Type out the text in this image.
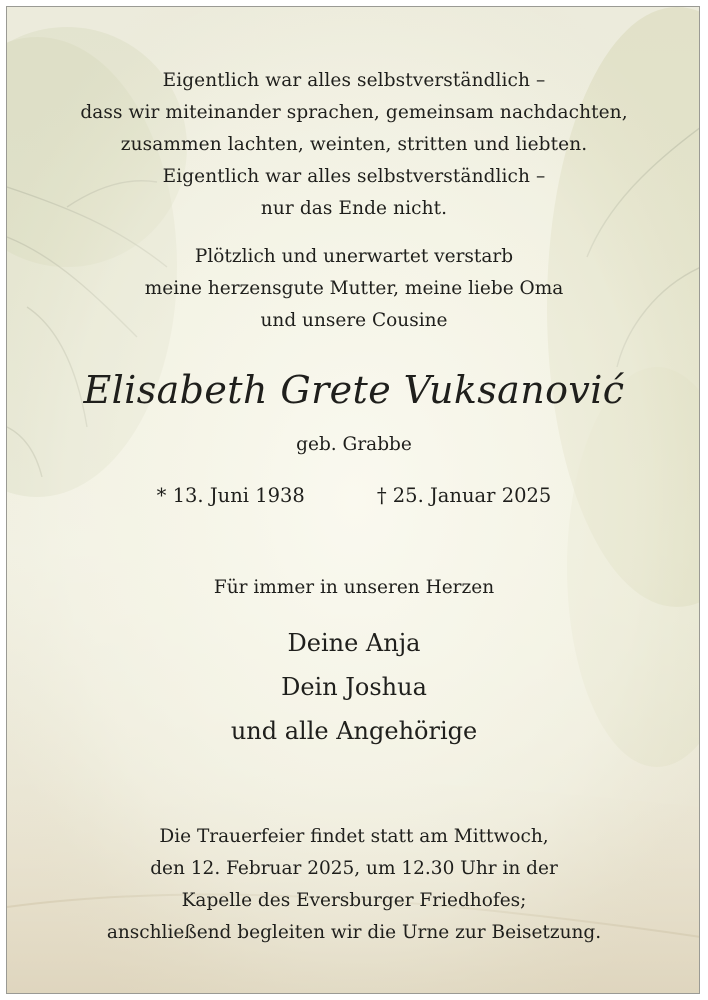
Eigentlich war alles selbstverständlich –
dass wir miteinander sprachen, gemeinsam nachdachten,
zusammen lachten, weinten, stritten und liebten.
Eigentlich war alles selbstverständlich –
nur das Ende nicht.
Plötzlich und unerwartet verstarb
meine herzensgute Mutter, meine liebe Oma
und unsere Cousine
Elisabeth Grete Vuksanović
geb. Grabbe
* 13. Juni 1938	† 25. Januar 2025
Für immer in unseren Herzen
Deine Anja
Dein Joshua
und alle Angehörige
Die Trauerfeier findet statt am Mittwoch,
den 12. Februar 2025, um 12.30 Uhr in der
Kapelle des Eversburger Friedhofes;
anschließend begleiten wir die Urne zur Beisetzung.
